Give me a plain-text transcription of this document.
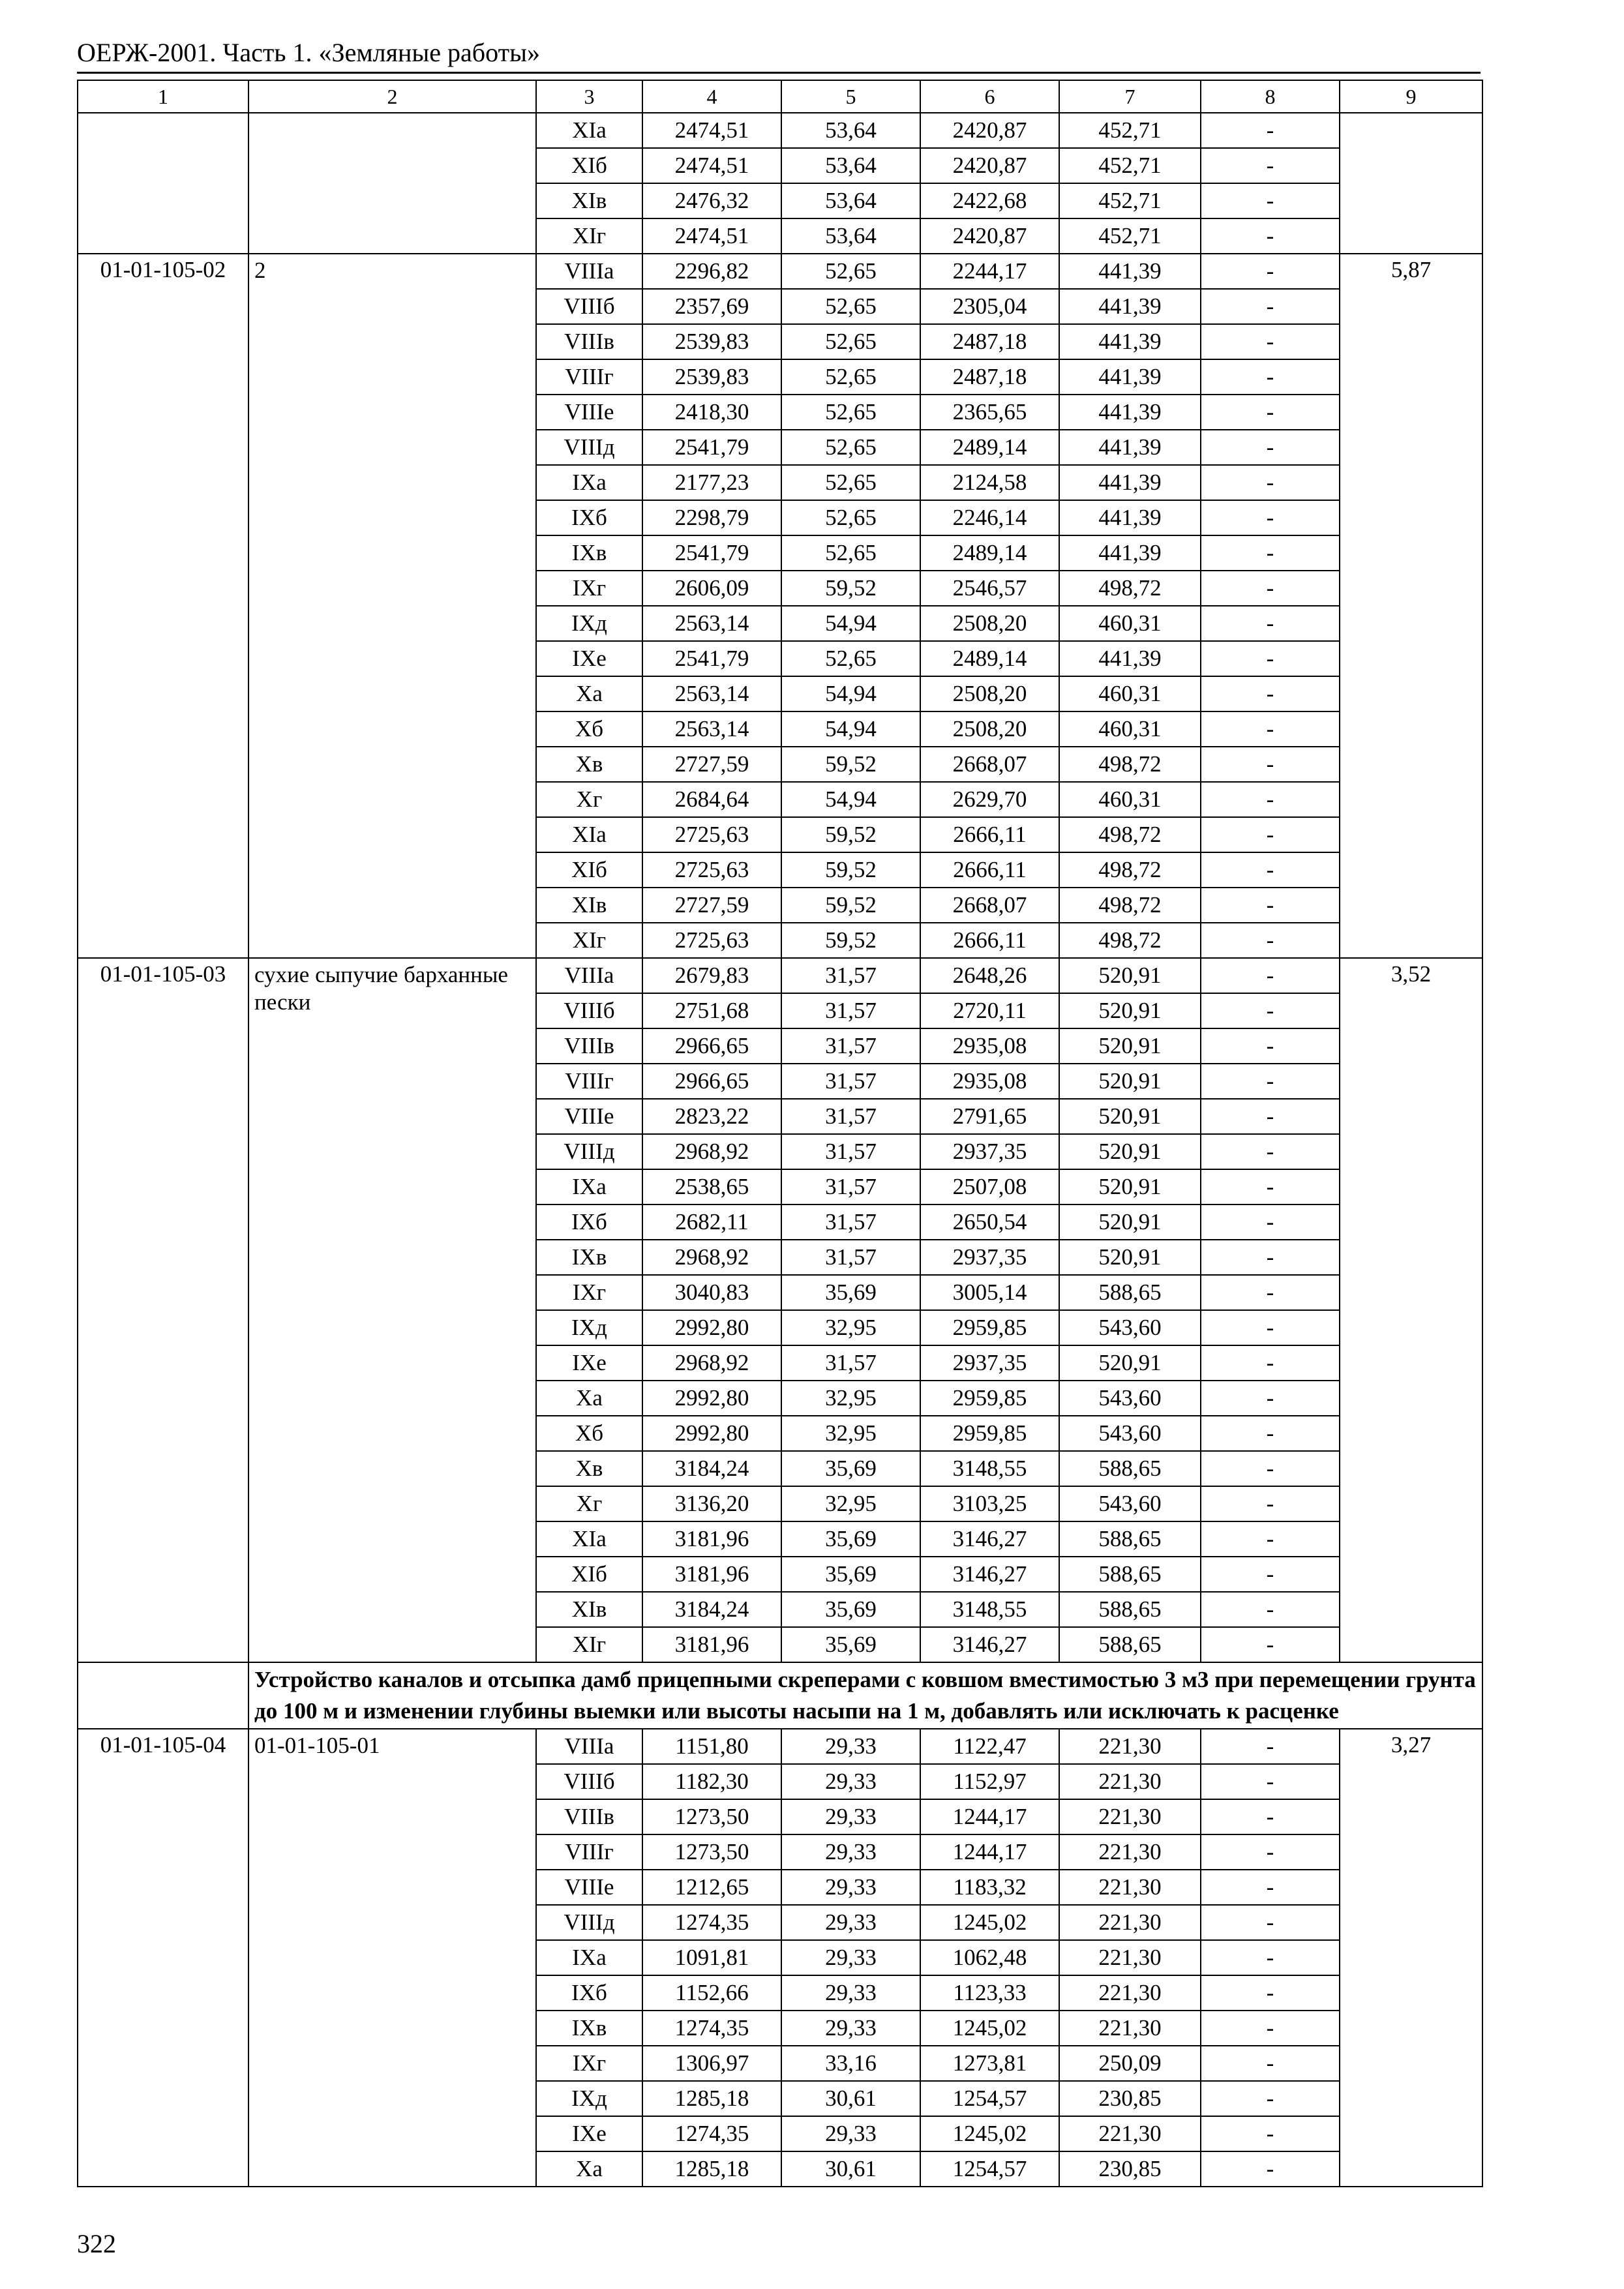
ОЕРЖ-2001. Часть 1. «Земляные работы»
1	2	3	4	5	6	7	8	9
		XIа	2474,51	53,64	2420,87	452,71	-	
		XIб	2474,51	53,64	2420,87	452,71	-	
		XIв	2476,32	53,64	2422,68	452,71	-	
		XIг	2474,51	53,64	2420,87	452,71	-	
01-01-105-02	2	VIIIа	2296,82	52,65	2244,17	441,39	-	5,87
		VIIIб	2357,69	52,65	2305,04	441,39	-	
		VIIIв	2539,83	52,65	2487,18	441,39	-	
		VIIIг	2539,83	52,65	2487,18	441,39	-	
		VIIIе	2418,30	52,65	2365,65	441,39	-	
		VIIIд	2541,79	52,65	2489,14	441,39	-	
		IXа	2177,23	52,65	2124,58	441,39	-	
		IXб	2298,79	52,65	2246,14	441,39	-	
		IXв	2541,79	52,65	2489,14	441,39	-	
		IXг	2606,09	59,52	2546,57	498,72	-	
		IXд	2563,14	54,94	2508,20	460,31	-	
		IXе	2541,79	52,65	2489,14	441,39	-	
		Xа	2563,14	54,94	2508,20	460,31	-	
		Xб	2563,14	54,94	2508,20	460,31	-	
		Xв	2727,59	59,52	2668,07	498,72	-	
		Xг	2684,64	54,94	2629,70	460,31	-	
		XIа	2725,63	59,52	2666,11	498,72	-	
		XIб	2725,63	59,52	2666,11	498,72	-	
		XIв	2727,59	59,52	2668,07	498,72	-	
		XIг	2725,63	59,52	2666,11	498,72	-	
01-01-105-03	сухие сыпучие барханные пески	VIIIа	2679,83	31,57	2648,26	520,91	-	3,52
		VIIIб	2751,68	31,57	2720,11	520,91	-	
		VIIIв	2966,65	31,57	2935,08	520,91	-	
		VIIIг	2966,65	31,57	2935,08	520,91	-	
		VIIIе	2823,22	31,57	2791,65	520,91	-	
		VIIIд	2968,92	31,57	2937,35	520,91	-	
		IXа	2538,65	31,57	2507,08	520,91	-	
		IXб	2682,11	31,57	2650,54	520,91	-	
		IXв	2968,92	31,57	2937,35	520,91	-	
		IXг	3040,83	35,69	3005,14	588,65	-	
		IXд	2992,80	32,95	2959,85	543,60	-	
		IXе	2968,92	31,57	2937,35	520,91	-	
		Xа	2992,80	32,95	2959,85	543,60	-	
		Xб	2992,80	32,95	2959,85	543,60	-	
		Xв	3184,24	35,69	3148,55	588,65	-	
		Xг	3136,20	32,95	3103,25	543,60	-	
		XIа	3181,96	35,69	3146,27	588,65	-	
		XIб	3181,96	35,69	3146,27	588,65	-	
		XIв	3184,24	35,69	3148,55	588,65	-	
		XIг	3181,96	35,69	3146,27	588,65	-	
	Устройство каналов и отсыпка дамб прицепными скреперами с ковшом вместимостью 3 м3 при перемещении грунта до 100 м и изменении глубины выемки или высоты насыпи на 1 м, добавлять или исключать к расценке							
01-01-105-04	01-01-105-01	VIIIа	1151,80	29,33	1122,47	221,30	-	3,27
		VIIIб	1182,30	29,33	1152,97	221,30	-	
		VIIIв	1273,50	29,33	1244,17	221,30	-	
		VIIIг	1273,50	29,33	1244,17	221,30	-	
		VIIIе	1212,65	29,33	1183,32	221,30	-	
		VIIIд	1274,35	29,33	1245,02	221,30	-	
		IXа	1091,81	29,33	1062,48	221,30	-	
		IXб	1152,66	29,33	1123,33	221,30	-	
		IXв	1274,35	29,33	1245,02	221,30	-	
		IXг	1306,97	33,16	1273,81	250,09	-	
		IXд	1285,18	30,61	1254,57	230,85	-	
		IXе	1274,35	29,33	1245,02	221,30	-	
		Xа	1285,18	30,61	1254,57	230,85	-	
322
